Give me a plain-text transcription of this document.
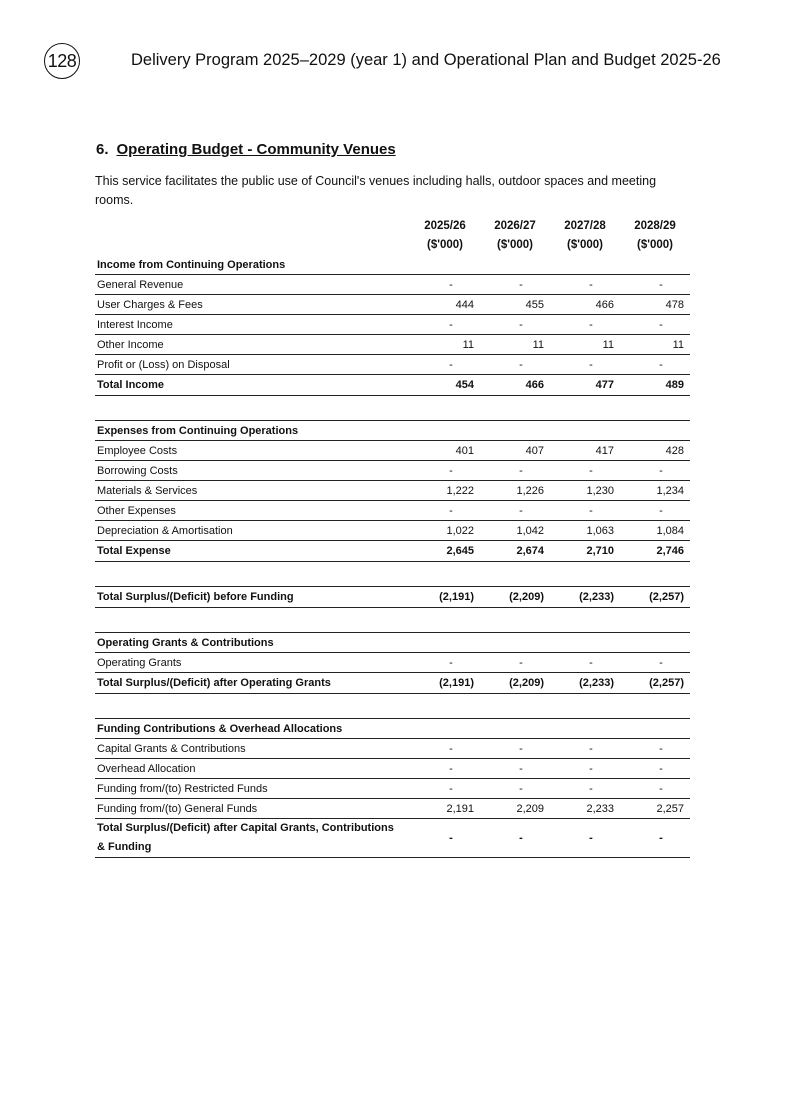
128	Delivery Program 2025–2029 (year 1) and Operational Plan and Budget 2025-26
6. Operating Budget - Community Venues
This service facilitates the public use of Council's venues including halls, outdoor spaces and meeting rooms.
	2025/26	2026/27	2027/28	2028/29
	($'000)	($'000)	($'000)	($'000)
Income from Continuing Operations				
General Revenue	-	-	-	-
User Charges & Fees	444	455	466	478
Interest Income	-	-	-	-
Other Income	11	11	11	11
Profit or (Loss) on Disposal	-	-	-	-
Total Income	454	466	477	489

Expenses from Continuing Operations				
Employee Costs	401	407	417	428
Borrowing Costs	-	-	-	-
Materials & Services	1,222	1,226	1,230	1,234
Other Expenses	-	-	-	-
Depreciation & Amortisation	1,022	1,042	1,063	1,084
Total Expense	2,645	2,674	2,710	2,746

Total Surplus/(Deficit) before Funding	(2,191)	(2,209)	(2,233)	(2,257)

Operating Grants & Contributions				
Operating Grants	-	-	-	-
Total Surplus/(Deficit) after Operating Grants	(2,191)	(2,209)	(2,233)	(2,257)

Funding Contributions & Overhead Allocations				
Capital Grants & Contributions	-	-	-	-
Overhead Allocation	-	-	-	-
Funding from/(to) Restricted Funds	-	-	-	-
Funding from/(to) General Funds	2,191	2,209	2,233	2,257
Total Surplus/(Deficit) after Capital Grants, Contributions & Funding	-	-	-	-
